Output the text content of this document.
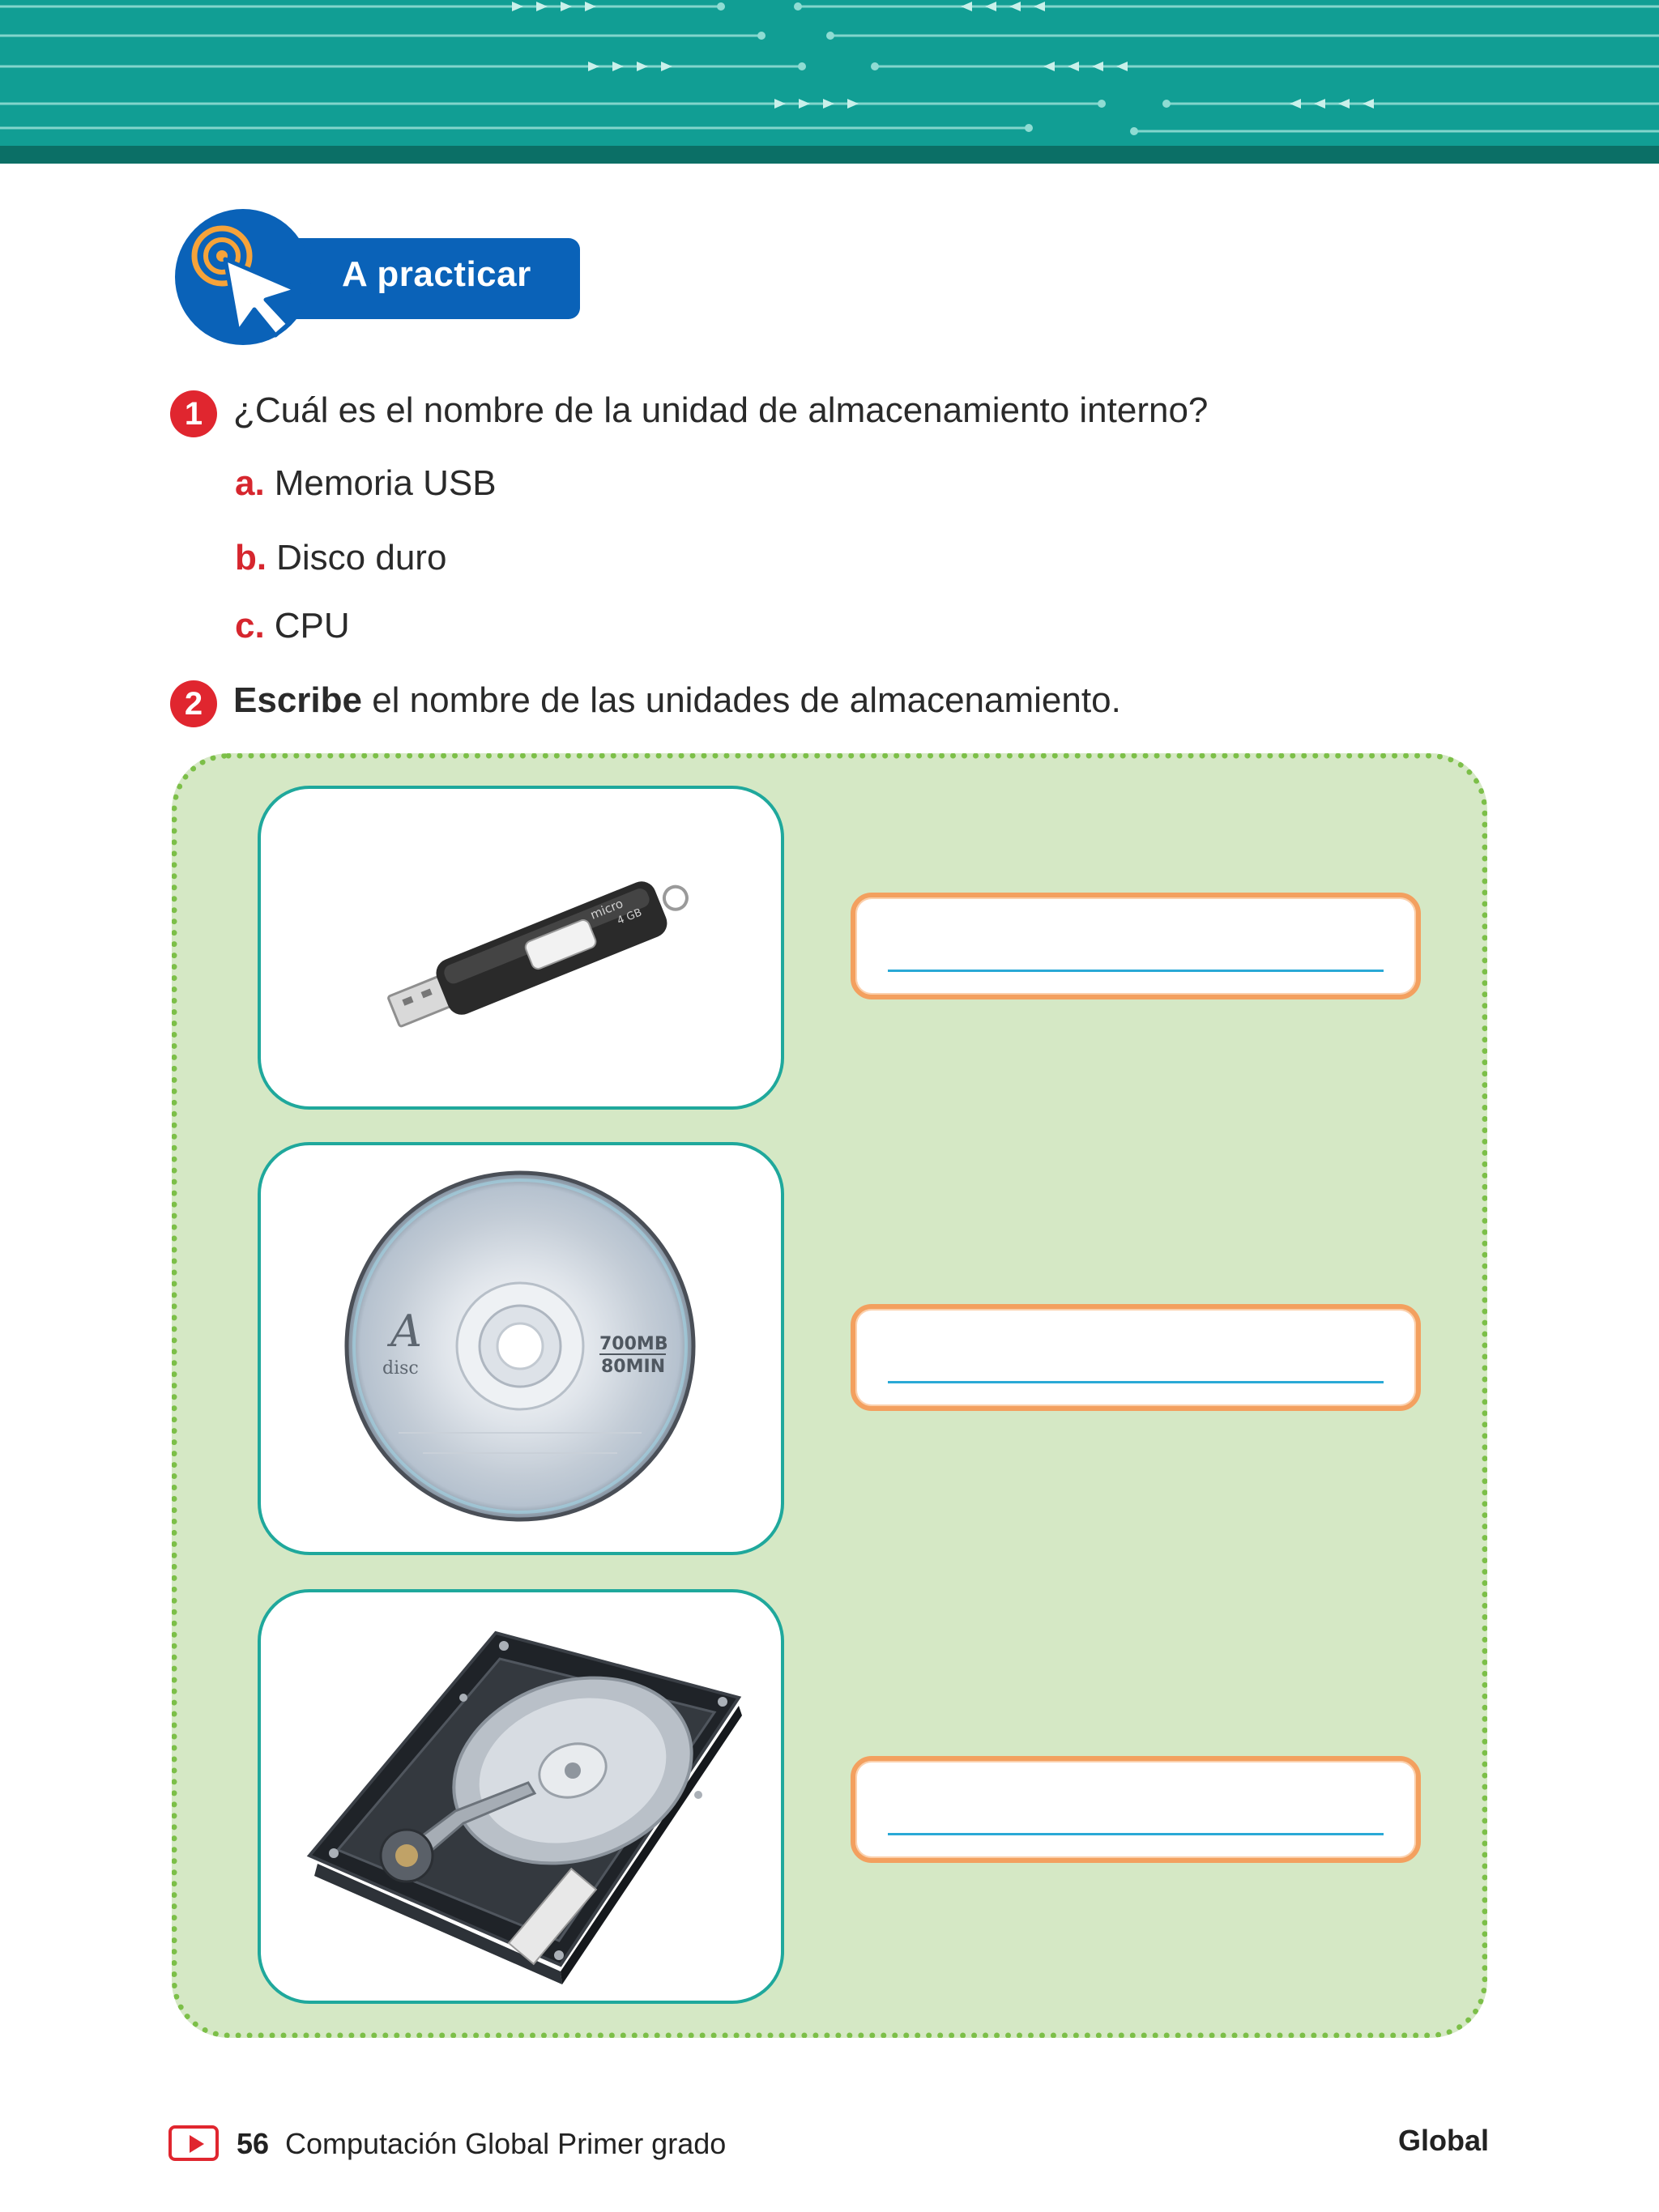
A practicar
1 ¿Cuál es el nombre de la unidad de almacenamiento interno?
a. Memoria USB
b. Disco duro
c. CPU
2 Escribe el nombre de las unidades de almacenamiento.
micro
4 GB
A
disc
700MB
80MIN
56 Computación Global Primer grado	Global
